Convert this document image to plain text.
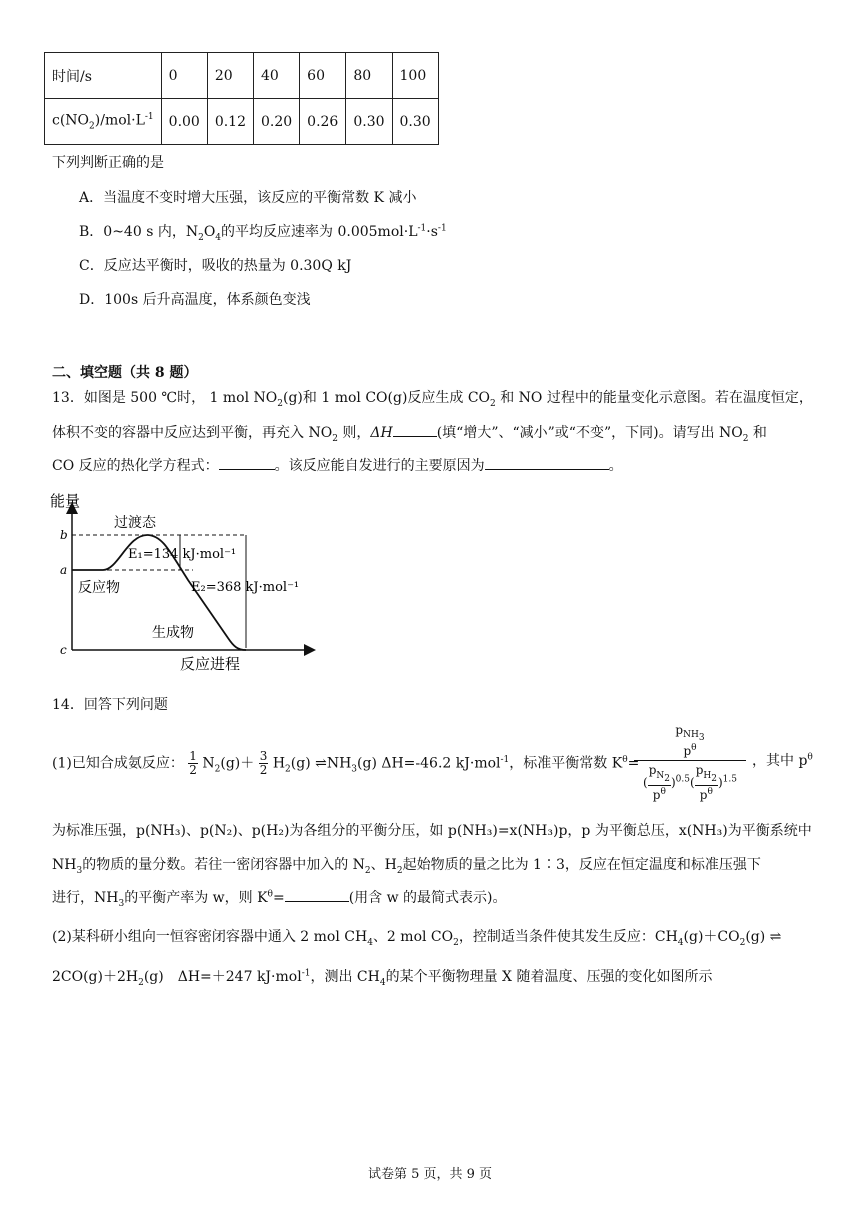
时间/s	0	20	40	60	80	100
$c(NO_2)/mol\cdot L^{-1}$	0.00	0.12	0.20	0.26	0.30	0.30
下列判断正确的是
A．当温度不变时增大压强，该反应的平衡常数 K 减小
B．0~40 s 内，$N_2O_4$的平均反应速率为 $0.005mol\cdot L^{-1}\cdot s^{-1}$
C．反应达平衡时，吸收的热量为 0.30Q kJ
D．100s 后升高温度，体系颜色变浅
二、填空题（共 8 题）
13．如图是 500 ℃时， 1 mol $NO_2(g)$和 1 mol CO(g)反应生成 $CO_2$ 和 NO 过程中的能量变化示意图。若在温度恒定，
体积不变的容器中反应达到平衡，再充入 $NO_2$ 则，ΔH	(填“增大”、“减小”或“不变”，下同)。请写出 $NO_2$ 和
CO 反应的热化学方程式：	。该反应能自发进行的主要原因为	。
能量
b
a
c
过渡态
E₁=134 kJ·mol⁻¹
反应物	E₂=368 kJ·mol⁻¹
生成物
反应进程
14．回答下列问题
(1)已知合成氨反应： $\frac{1}{2} N_2(g)+ \frac{3}{2} H_2(g)$ $\rightleftharpoons NH_3(g)$ ΔH=-46.2 kJ·mol$^{-1}$，标准平衡常数 $K^\theta=$
$p_{NH_3}$
$p^\theta$
( $\frac{p_{N_2}}{p^\theta} )^{0.5}( \frac{p_{H_2}}{p^\theta} )^{1.5}$
，其中 $p^\theta$
为标准压强，p(NH₃)、p(N₂)、p(H₂)为各组分的平衡分压，如 p(NH₃)=x(NH₃)p，p 为平衡总压，x(NH₃)为平衡系统中
$NH_3$的物质的量分数。若往一密闭容器中加入的 $N_2$、$H_2$起始物质的量之比为 1∶3，反应在恒定温度和标准压强下
进行，$NH_3$的平衡产率为 w，则 $K^\theta=$	(用含 w 的最简式表示)。
(2)某科研小组向一恒容密闭容器中通入 2 mol $CH_4$、2 mol $CO_2$，控制适当条件使其发生反应：$CH_4(g)+CO_2(g)$ ⇌
$2CO(g)+2H_2(g)$　ΔH=＋247 kJ·mol$^{-1}$，测出 $CH_4$的某个平衡物理量 X 随着温度、压强的变化如图所示
试卷第 5 页，共 9 页
